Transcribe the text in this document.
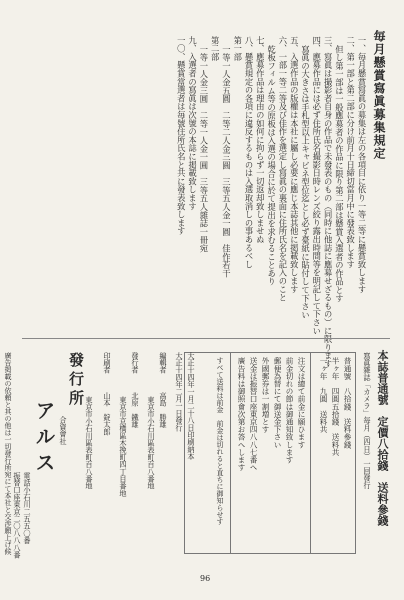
毎月懸賞寫眞募集規定
一、毎月懸賞寫眞の募集は左の各項目に依り一等二等に懸賞致します
二、第一部と第二部に分け前月十日締切當月中に發表致します
但し第一部は一般應募者の作品に限り第二部は懸賞入選者の作品とす
三、寫眞は撮影者自身の作品で未發表のもの（同時に他誌に應募せざるもの）に限ります
四、應募作品には必ず住所氏名撮影日時レンズ絞り露出時間等を明記して下さい
寫眞の大きさは手札型以上キャビネ型位迄とし必ず臺紙に貼付して下さい
五、入選作品の版權は本社に屬し必要に應じ本誌其他に掲載致します
六、一部一等二等及び佳作を選定し寫眞の裏面に住所氏名を記入のこと
乾板フィルム等の原板は入選の場合に於て提出を求むることあり
七、應募作品は理由の如何に拘らず一切返却致しませぬ
八、懸賞規定の各項に違反するものは入選取消しの事あるべし
第一部
一等一人金五圓　二等二人金三圓　三等五人金一圓　佳作若干
第二部
一等一人金三圓　二等一人金一圓　三等五人雜誌一冊宛
九、入選者の寫眞は次號の本誌に掲載致します
一〇、懸賞當選者は毎號住所氏名と共に發表致します
本誌普通號　定價八拾錢　送料參錢
寫眞雜誌「カメラ」毎月（四日）一回發行
普通號　八拾錢　送料參錢
半ヶ年　四圓五拾錢　送料共
一ヶ年　九圓　送料共
注文は總て前金に願ひます
前金切れの節は御通知致します
郵便為替にて御送金下さい
外國郵券は一割増とす
送金は振替口座東京四八八七番へ
廣告料は御照會次第お答へします
すべて送料は前金　前金は切れると直ちに御知らせす
大正十四年一月二十八日印刷納本
大正十四年二月一日發行
編輯者
高島　勝雄
東京市小石川區表町百八番地
發行者
北原　鐵雄
東京市京橋區木挽町四丁目番地
印刷者
山本　錠太郎
發行所
東京市小石川區表町百八番地
合資會社
アルス
電話小石川二五五〇番
振替口座東京二〇八八八番
廣告掲載の依頼と其の他は一切發行所宛にて本社と交渉願上げ候
96
